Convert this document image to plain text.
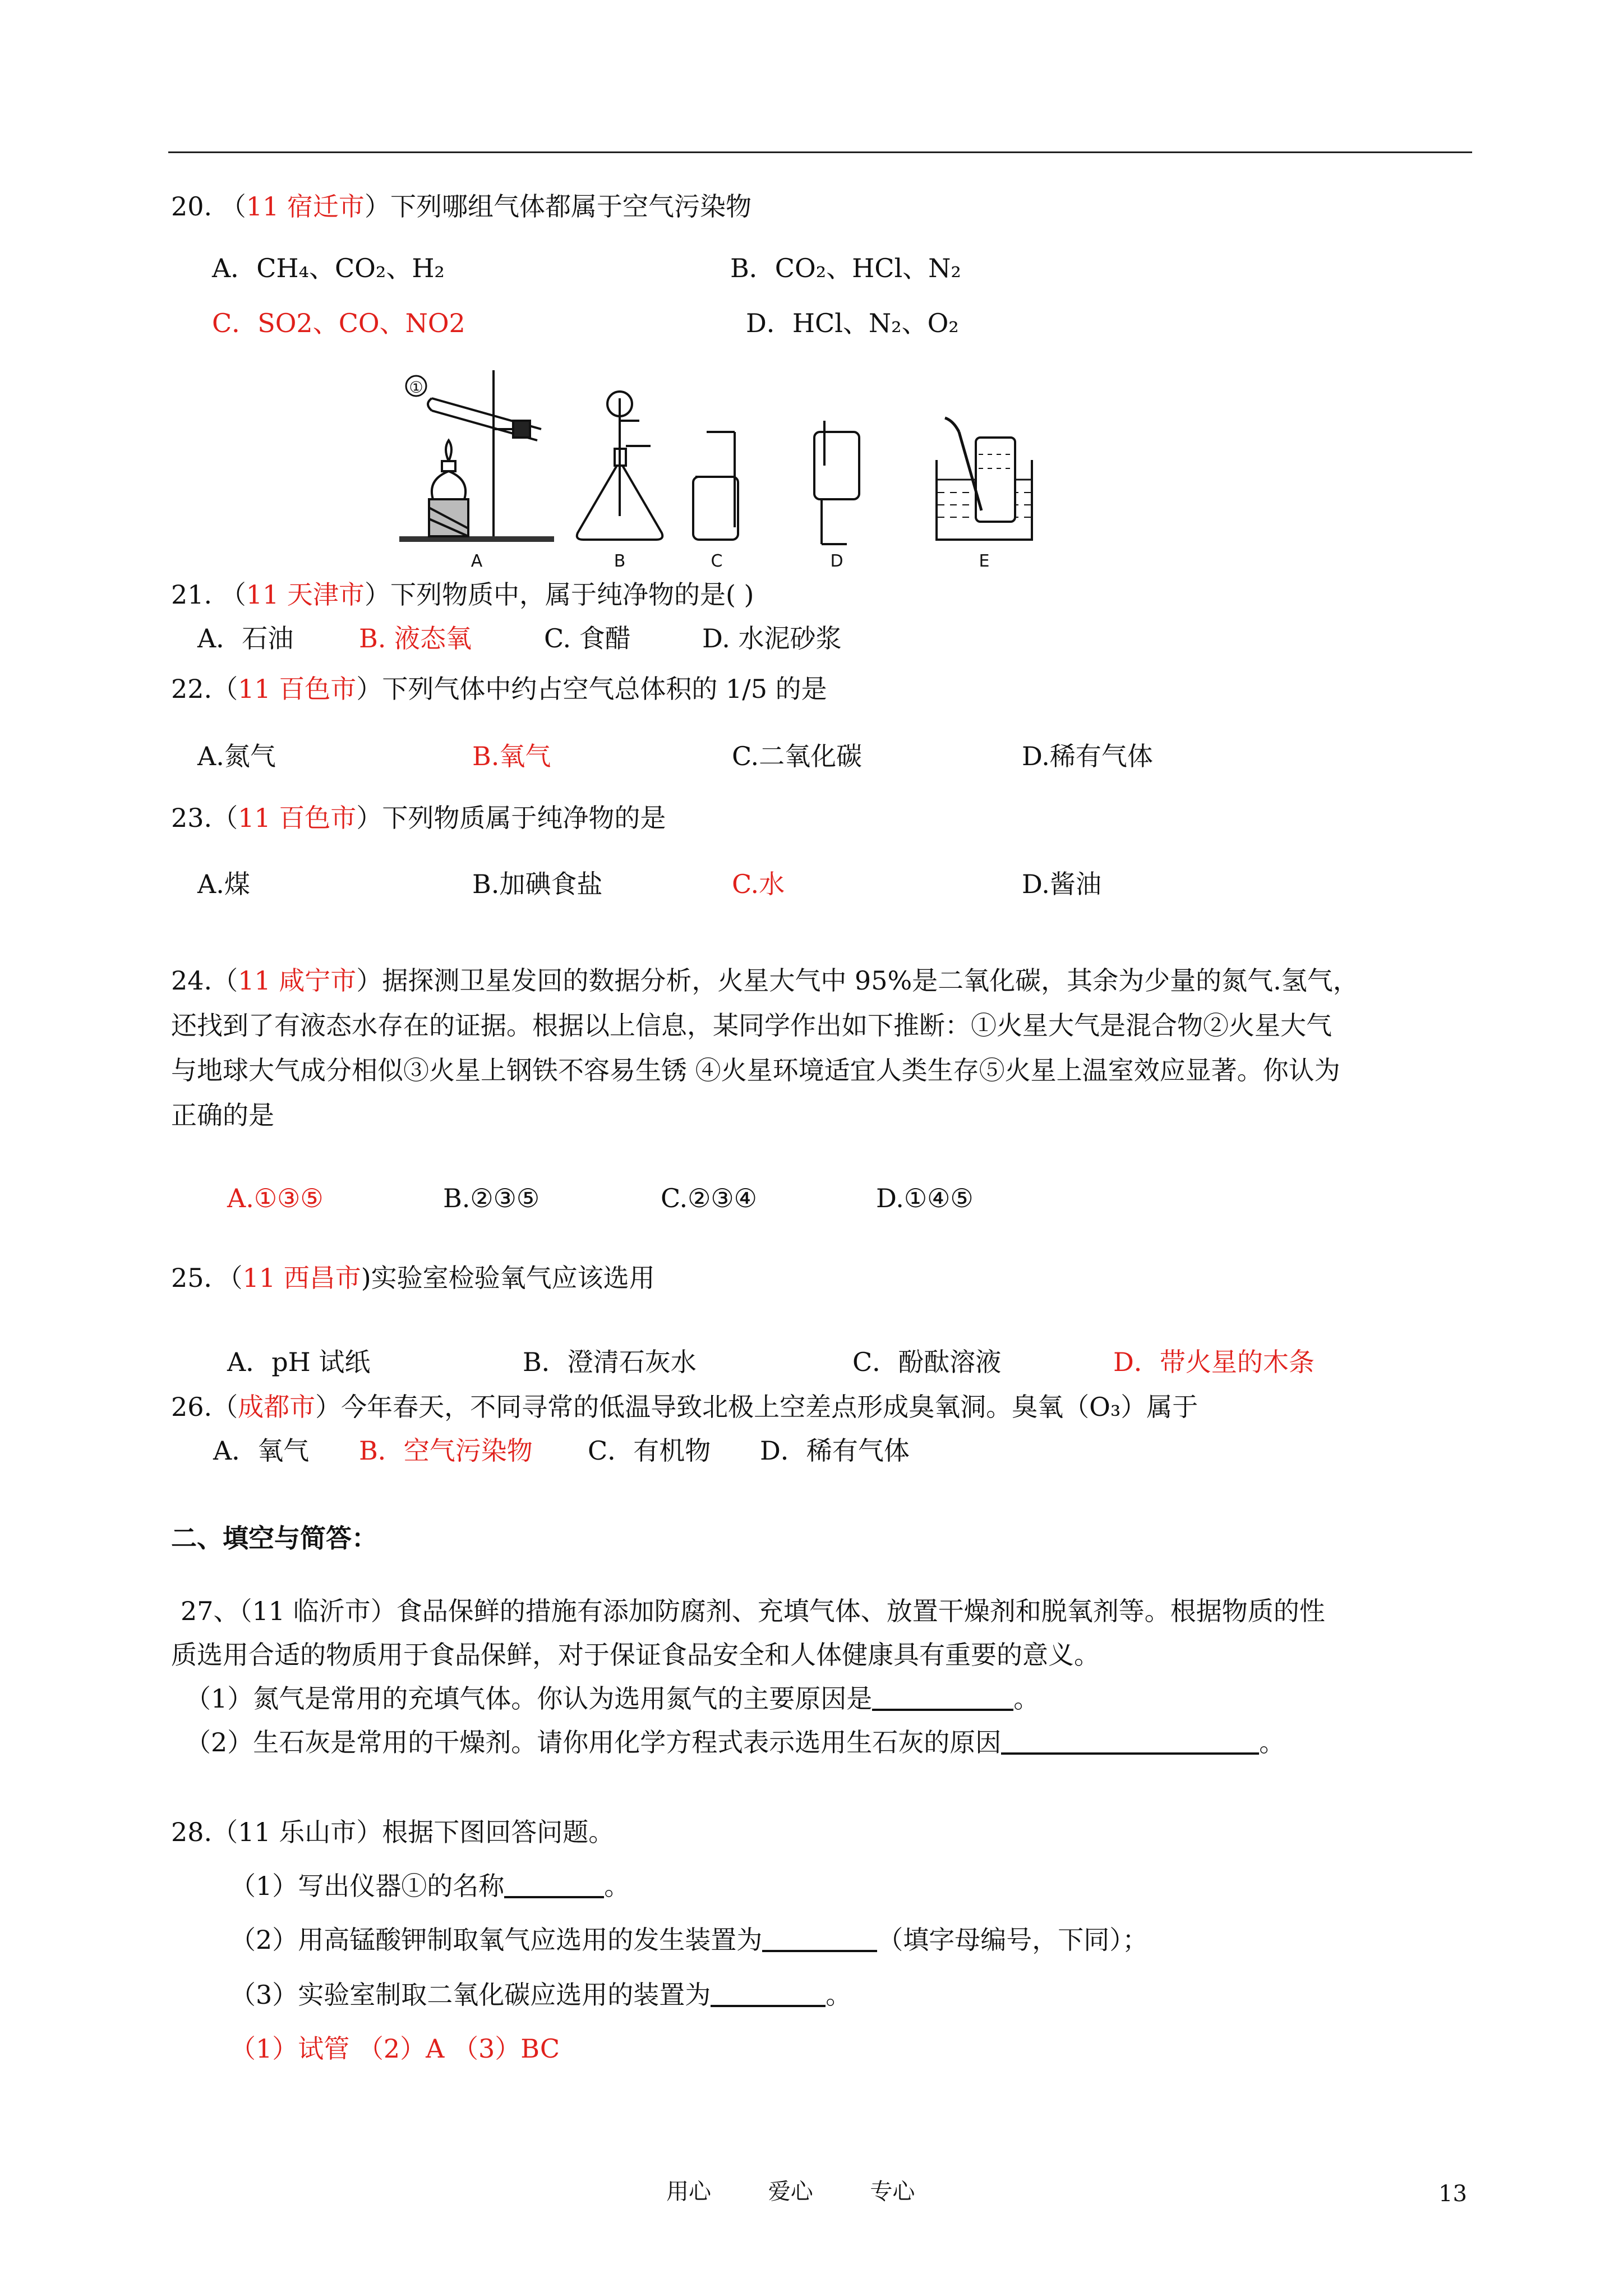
20. （11 宿迁市）下列哪组气体都属于空气污染物
A．CH₄、CO₂、H₂	B．CO₂、HCl、N₂
C．SO2、CO、NO2	D．HCl、N₂、O₂
①
A	B	C	D	E
21. （11 天津市）下列物质中，属于纯净物的是( )
A．石油	B. 液态氧	C. 食醋	D. 水泥砂浆
22.（11 百色市）下列气体中约占空气总体积的 1/5 的是
A.氮气	B.氧气	C.二氧化碳	D.稀有气体
23.（11 百色市）下列物质属于纯净物的是
A.煤	B.加碘食盐	C.水	D.酱油
24.（11 咸宁市）据探测卫星发回的数据分析，火星大气中 95%是二氧化碳，其余为少量的氮气.氢气，
还找到了有液态水存在的证据。根据以上信息，某同学作出如下推断：①火星大气是混合物②火星大气
与地球大气成分相似③火星上钢铁不容易生锈 ④火星环境适宜人类生存⑤火星上温室效应显著。你认为
正确的是
A.①③⑤	B.②③⑤	C.②③④	D.①④⑤
25．（11 西昌市)实验室检验氧气应该选用
A．pH 试纸	B．澄清石灰水	C．酚酞溶液	D．带火星的木条
26.（成都市）今年春天，不同寻常的低温导致北极上空差点形成臭氧洞。臭氧（O₃）属于
A．氧气 B．空气污染物 C．有机物 D．稀有气体
二、填空与简答：
27、（11 临沂市）食品保鲜的措施有添加防腐剂、充填气体、放置干燥剂和脱氧剂等。根据物质的性
质选用合适的物质用于食品保鲜，对于保证食品安全和人体健康具有重要的意义。
（1）氮气是常用的充填气体。你认为选用氮气的主要原因是	。
（2）生石灰是常用的干燥剂。请你用化学方程式表示选用生石灰的原因	。
28.（11 乐山市）根据下图回答问题。
（1）写出仪器①的名称	。
（2）用高锰酸钾制取氧气应选用的发生装置为	（填字母编号，下同）；
（3）实验室制取二氧化碳应选用的装置为	。
（1）试管 （2）A （3）BC
用心        爱心        专心	13
